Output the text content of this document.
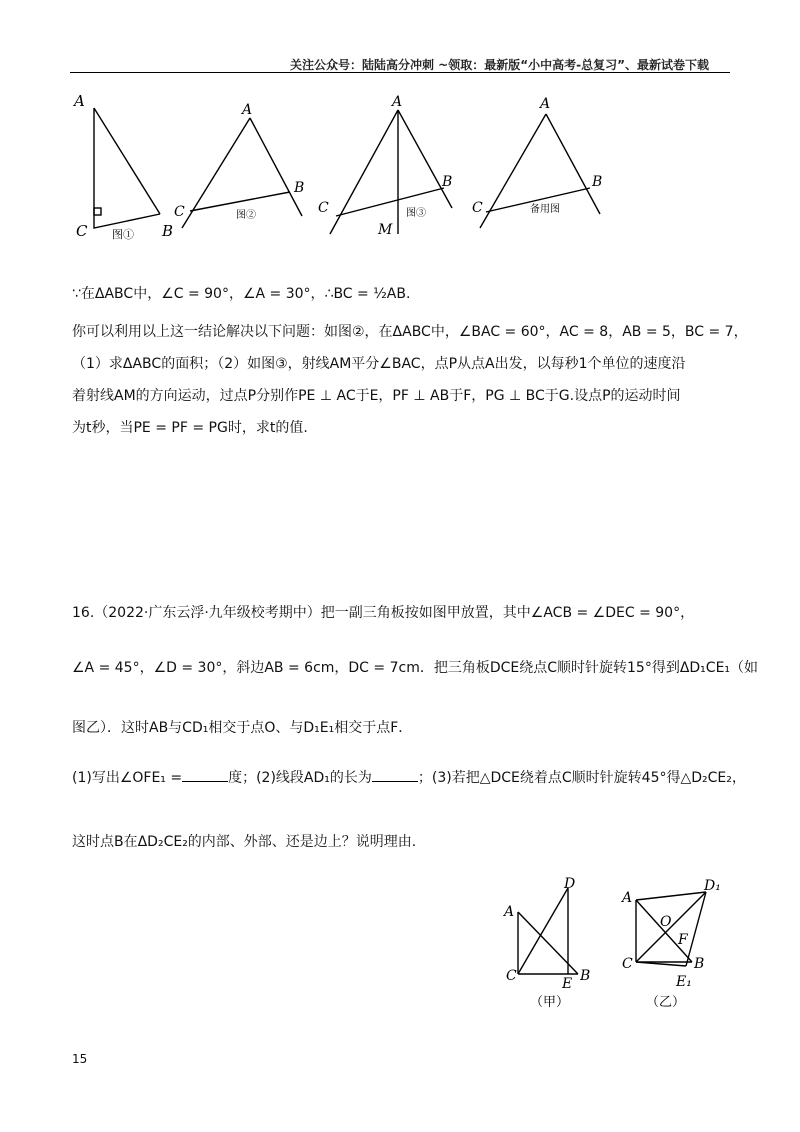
关注公众号：陆陆高分冲刺 ~领取：最新版“小中高考-总复习”、最新试卷下载
A
C	B
图①
A
B
C	图②
A
B
C
M
图③
A
B
C	备用图
∵在ΔABC中，∠C = 90°，∠A = 30°，∴BC = ½AB.
你可以利用以上这一结论解决以下问题：如图②，在ΔABC中，∠BAC = 60°，AC = 8，AB = 5，BC = 7，
（1）求ΔABC的面积；（2）如图③，射线AM平分∠BAC，点P从点A出发，以每秒1个单位的速度沿
着射线AM的方向运动，过点P分别作PE ⊥ AC于E，PF ⊥ AB于F，PG ⊥ BC于G.设点P的运动时间
为t秒，当PE = PF = PG时，求t的值.
16.（2022·广东云浮·九年级校考期中）把一副三角板按如图甲放置，其中∠ACB = ∠DEC = 90°，
∠A = 45°，∠D = 30°，斜边AB = 6cm，DC = 7cm．把三角板DCE绕点C顺时针旋转15°得到ΔD₁CE₁（如
图乙）．这时AB与CD₁相交于点O、与D₁E₁相交于点F．
(1)写出∠OFE₁ =	度；(2)线段AD₁的长为	；(3)若把△DCE绕着点C顺时针旋转45°得△D₂CE₂，
这时点B在ΔD₂CE₂的内部、外部、还是边上？说明理由.
A
D
C	E B
（甲）
A
D₁
O
F
C	B
E₁
（乙）
15
